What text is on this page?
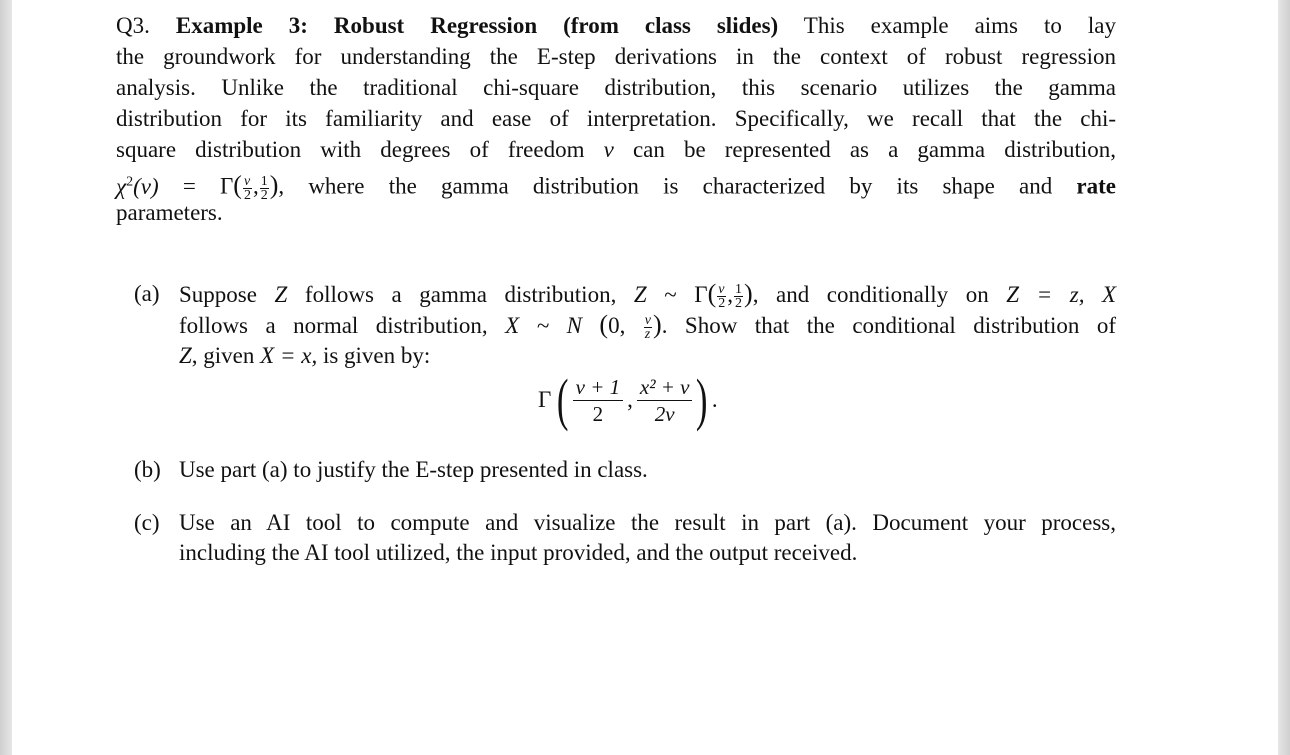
Q3. Example 3: Robust Regression (from class slides) This example aims to lay
the groundwork for understanding the E-step derivations in the context of robust regression
analysis. Unlike the traditional chi-square distribution, this scenario utilizes the gamma
distribution for its familiarity and ease of interpretation. Specifically, we recall that the chi-
square distribution with degrees of freedom ν can be represented as a gamma distribution,
$\chi^2(\nu) = \Gamma( \frac{\nu}{2}$ , $\frac{1}{2}$ ), where the gamma distribution is characterized by its shape and rate
parameters.
(a) Suppose Z follows a gamma distribution, Z ~ $\Gamma( \frac{\nu}{2}$ , $\frac{1}{2}$ ), and conditionally on Z = z, X
follows a normal distribution, X ~ N (0, $\frac{\nu}{z}$ ). Show that the conditional distribution of
Z, given X = x, is given by:
Γ ( ν + 1
2
,
x² + ν
2ν ) .
(b) Use part (a) to justify the E-step presented in class.
(c) Use an AI tool to compute and visualize the result in part (a). Document your process,
including the AI tool utilized, the input provided, and the output received.
